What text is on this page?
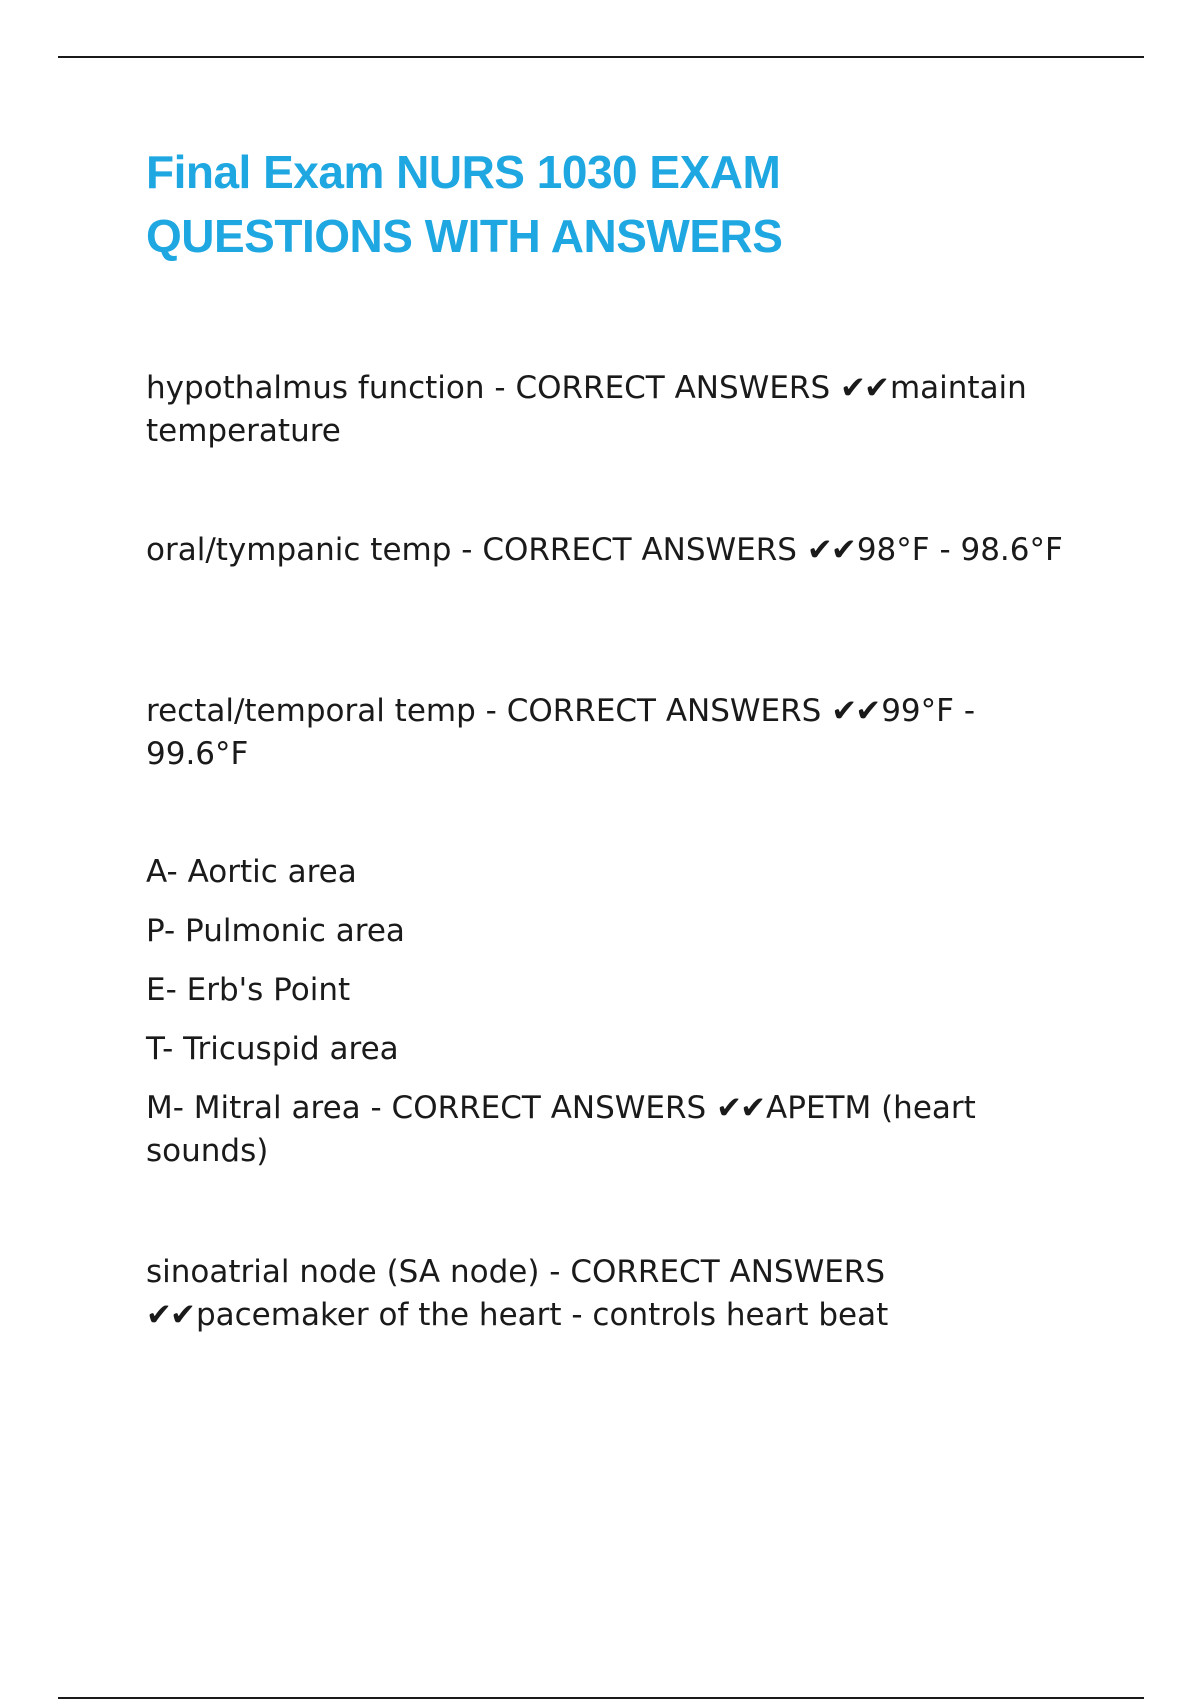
Final Exam NURS 1030 EXAM QUESTIONS WITH ANSWERS

hypothalmus function - CORRECT ANSWERS ✔✔maintain temperature

oral/tympanic temp - CORRECT ANSWERS ✔✔98°F - 98.6°F

rectal/temporal temp - CORRECT ANSWERS ✔✔99°F - 99.6°F

A- Aortic area
P- Pulmonic area
E- Erb's Point
T- Tricuspid area
M- Mitral area - CORRECT ANSWERS ✔✔APETM (heart sounds)

sinoatrial node (SA node) - CORRECT ANSWERS ✔✔pacemaker of the heart - controls heart beat
